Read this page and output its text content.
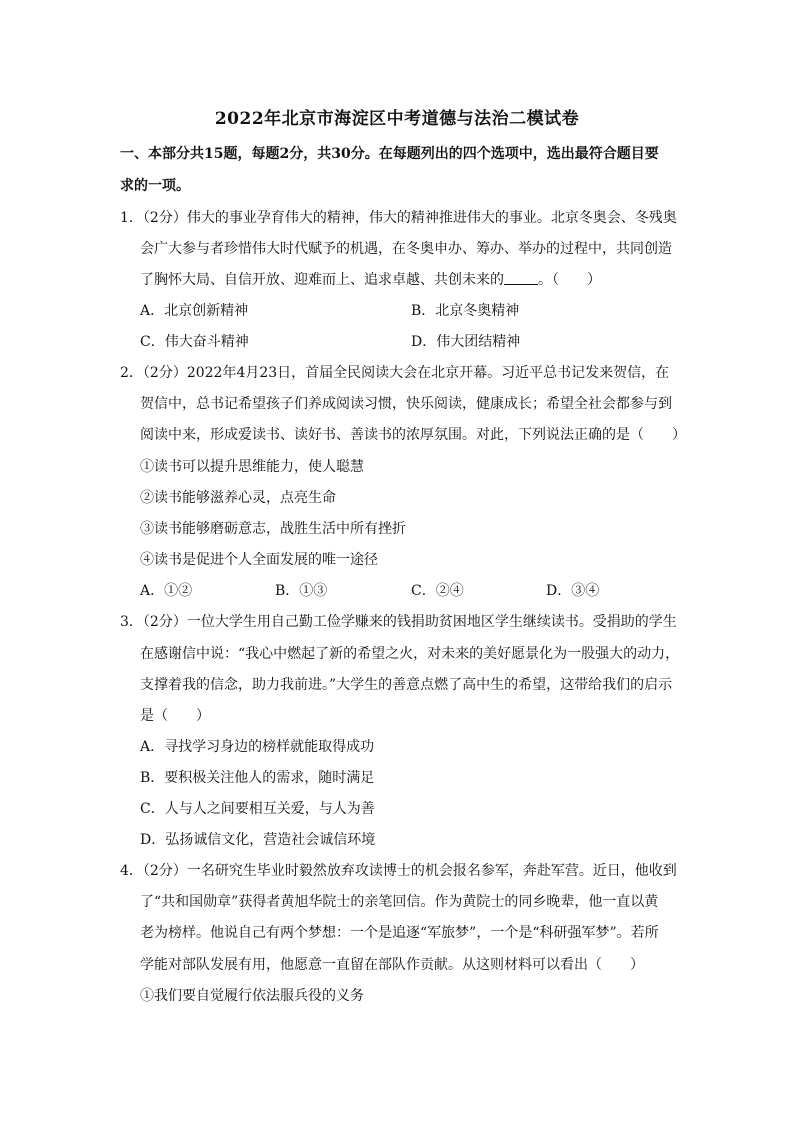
2022年北京市海淀区中考道德与法治二模试卷
一、本部分共15题，每题2分，共30分。在每题列出的四个选项中，选出最符合题目要
求的一项。
1．（2分）伟大的事业孕育伟大的精神，伟大的精神推进伟大的事业。北京冬奥会、冬残奥
会广大参与者珍惜伟大时代赋予的机遇，在冬奥申办、筹办、举办的过程中，共同创造
了胸怀大局、自信开放、迎难而上、追求卓越、共创未来的 。（　　）
A．北京创新精神	B．北京冬奥精神
C．伟大奋斗精神	D．伟大团结精神
2．（2分）2022年4月23日，首届全民阅读大会在北京开幕。习近平总书记发来贺信，在
贺信中，总书记希望孩子们养成阅读习惯，快乐阅读，健康成长；希望全社会都参与到
阅读中来，形成爱读书、读好书、善读书的浓厚氛围。对此，下列说法正确的是（　　）
①读书可以提升思维能力，使人聪慧
②读书能够滋养心灵，点亮生命
③读书能够磨砺意志，战胜生活中所有挫折
④读书是促进个人全面发展的唯一途径
A．①②	B．①③	C．②④	D．③④
3．（2分）一位大学生用自己勤工俭学赚来的钱捐助贫困地区学生继续读书。受捐助的学生
在感谢信中说：“我心中燃起了新的希望之火，对未来的美好愿景化为一股强大的动力，
支撑着我的信念，助力我前进。”大学生的善意点燃了高中生的希望，这带给我们的启示
是（　　）
A．寻找学习身边的榜样就能取得成功
B．要积极关注他人的需求，随时满足
C．人与人之间要相互关爱，与人为善
D．弘扬诚信文化，营造社会诚信环境
4．（2分）一名研究生毕业时毅然放弃攻读博士的机会报名参军，奔赴军营。近日，他收到
了“共和国勋章”获得者黄旭华院士的亲笔回信。作为黄院士的同乡晚辈，他一直以黄
老为榜样。他说自己有两个梦想：一个是追逐“军旅梦”，一个是“科研强军梦”。若所
学能对部队发展有用，他愿意一直留在部队作贡献。从这则材料可以看出（　　）
①我们要自觉履行依法服兵役的义务
